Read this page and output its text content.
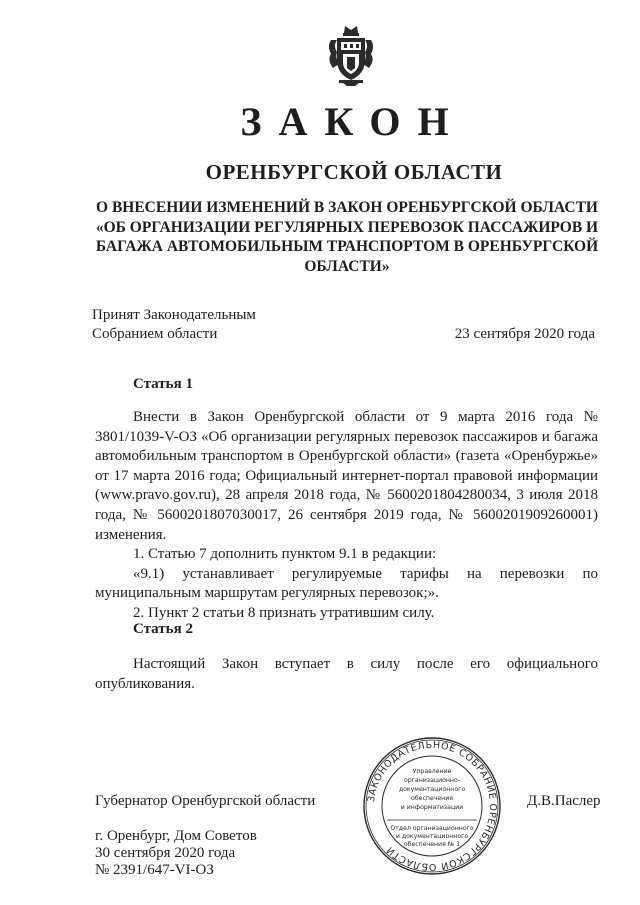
ЗАКОН
ОРЕНБУРГСКОЙ ОБЛАСТИ
О ВНЕСЕНИИ ИЗМЕНЕНИЙ В ЗАКОН ОРЕНБУРГСКОЙ ОБЛАСТИ
«ОБ ОРГАНИЗАЦИИ РЕГУЛЯРНЫХ ПЕРЕВОЗОК ПАССАЖИРОВ И
БАГАЖА АВТОМОБИЛЬНЫМ ТРАНСПОРТОМ В ОРЕНБУРГСКОЙ
ОБЛАСТИ»
Принят Законодательным
Собранием области	23 сентября 2020 года
Статья 1

Внести в Закон Оренбургской области от 9 марта 2016 года № 3801/1039-V-ОЗ «Об организации регулярных перевозок пассажиров и багажа автомобильным транспортом в Оренбургской области» (газета «Оренбуржье» от 17 марта 2016 года; Официальный интернет-портал правовой информации (www.pravo.gov.ru), 28 апреля 2018 года, № 5600201804280034, 3 июля 2018 года, № 5600201807030017, 26 сентября 2019 года, № 5600201909260001) изменения.

1. Статью 7 дополнить пунктом 9.1 в редакции:

«9.1) устанавливает регулируемые тарифы на перевозки по муниципальным маршрутам регулярных перевозок;».

2. Пункт 2 статьи 8 признать утратившим силу.

Статья 2

Настоящий Закон вступает в силу после его официального опубликования.

ЗАКОНОДАТЕЛЬНОЕ СОБРАНИЕ ОРЕНБУРГСКОЙ ОБЛАСТИ
Управление
организационно-
документационного
обеспечения
и информатизации
Отдел организационного
и документационного
обеспечения № 1
Губернатор Оренбургской области	Д.В.Паслер
г. Оренбург, Дом Советов
30 сентября 2020 года
№ 2391/647-VI-ОЗ
